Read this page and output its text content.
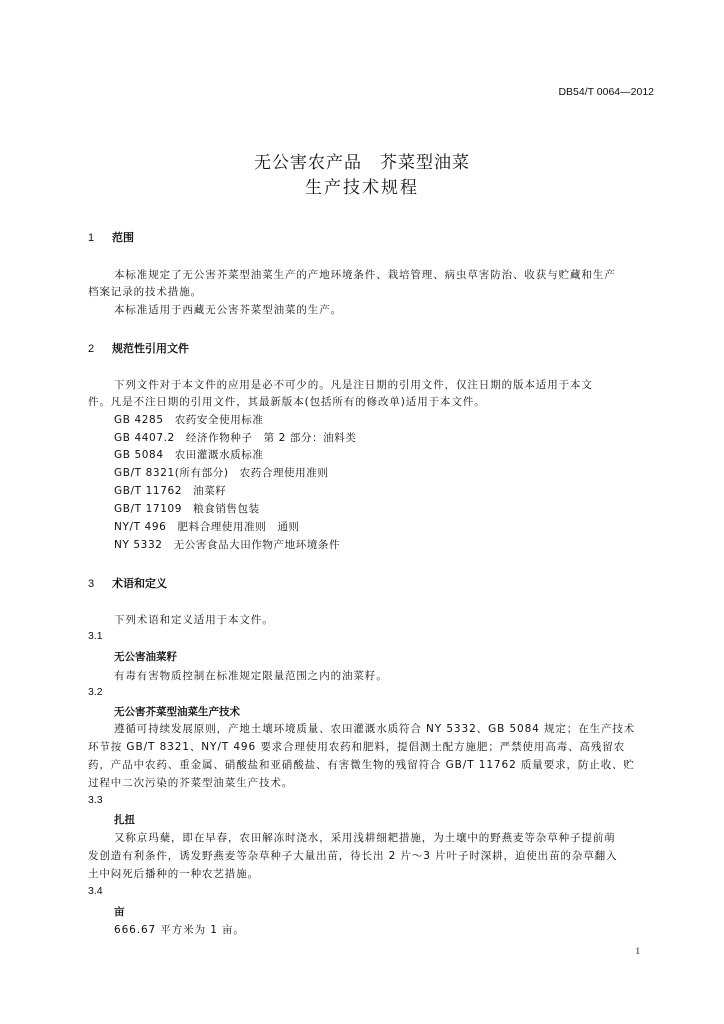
DB54/T 0064—2012
无公害农产品　芥菜型油菜
生产技术规程
1 范围
本标准规定了无公害芥菜型油菜生产的产地环境条件、栽培管理、病虫草害防治、收获与贮藏和生产
档案记录的技术措施。
本标准适用于西藏无公害芥菜型油菜的生产。
2 规范性引用文件
下列文件对于本文件的应用是必不可少的。凡是注日期的引用文件，仅注日期的版本适用于本文
件。凡是不注日期的引用文件，其最新版本(包括所有的修改单)适用于本文件。
GB 4285　农药安全使用标准
GB 4407.2　经济作物种子　第 2 部分：油料类
GB 5084　农田灌溉水质标准
GB/T 8321(所有部分)　农药合理使用准则
GB/T 11762　油菜籽
GB/T 17109　粮食销售包装
NY/T 496　肥料合理使用准则　通则
NY 5332　无公害食品大田作物产地环境条件
3 术语和定义
下列术语和定义适用于本文件。
3.1
无公害油菜籽
有毒有害物质控制在标准规定限量范围之内的油菜籽。
3.2
无公害芥菜型油菜生产技术
遵循可持续发展原则，产地土壤环境质量、农田灌溉水质符合 NY 5332、GB 5084 规定；在生产技术
环节按 GB/T 8321、NY/T 496 要求合理使用农药和肥料，提倡测土配方施肥；严禁使用高毒、高残留农
药，产品中农药、重金属、硝酸盐和亚硝酸盐、有害微生物的残留符合 GB/T 11762 质量要求，防止收、贮
过程中二次污染的芥菜型油菜生产技术。
3.3
扎扭
又称京玛蘖，即在早春，农田解冻时浇水，采用浅耕细耙措施，为土壤中的野燕麦等杂草种子提前萌
发创造有利条件，诱发野燕麦等杂草种子大量出苗，待长出 2 片～3 片叶子时深耕，迫使出苗的杂草翻入
土中闷死后播种的一种农艺措施。
3.4
亩
666.67 平方米为 1 亩。
1
